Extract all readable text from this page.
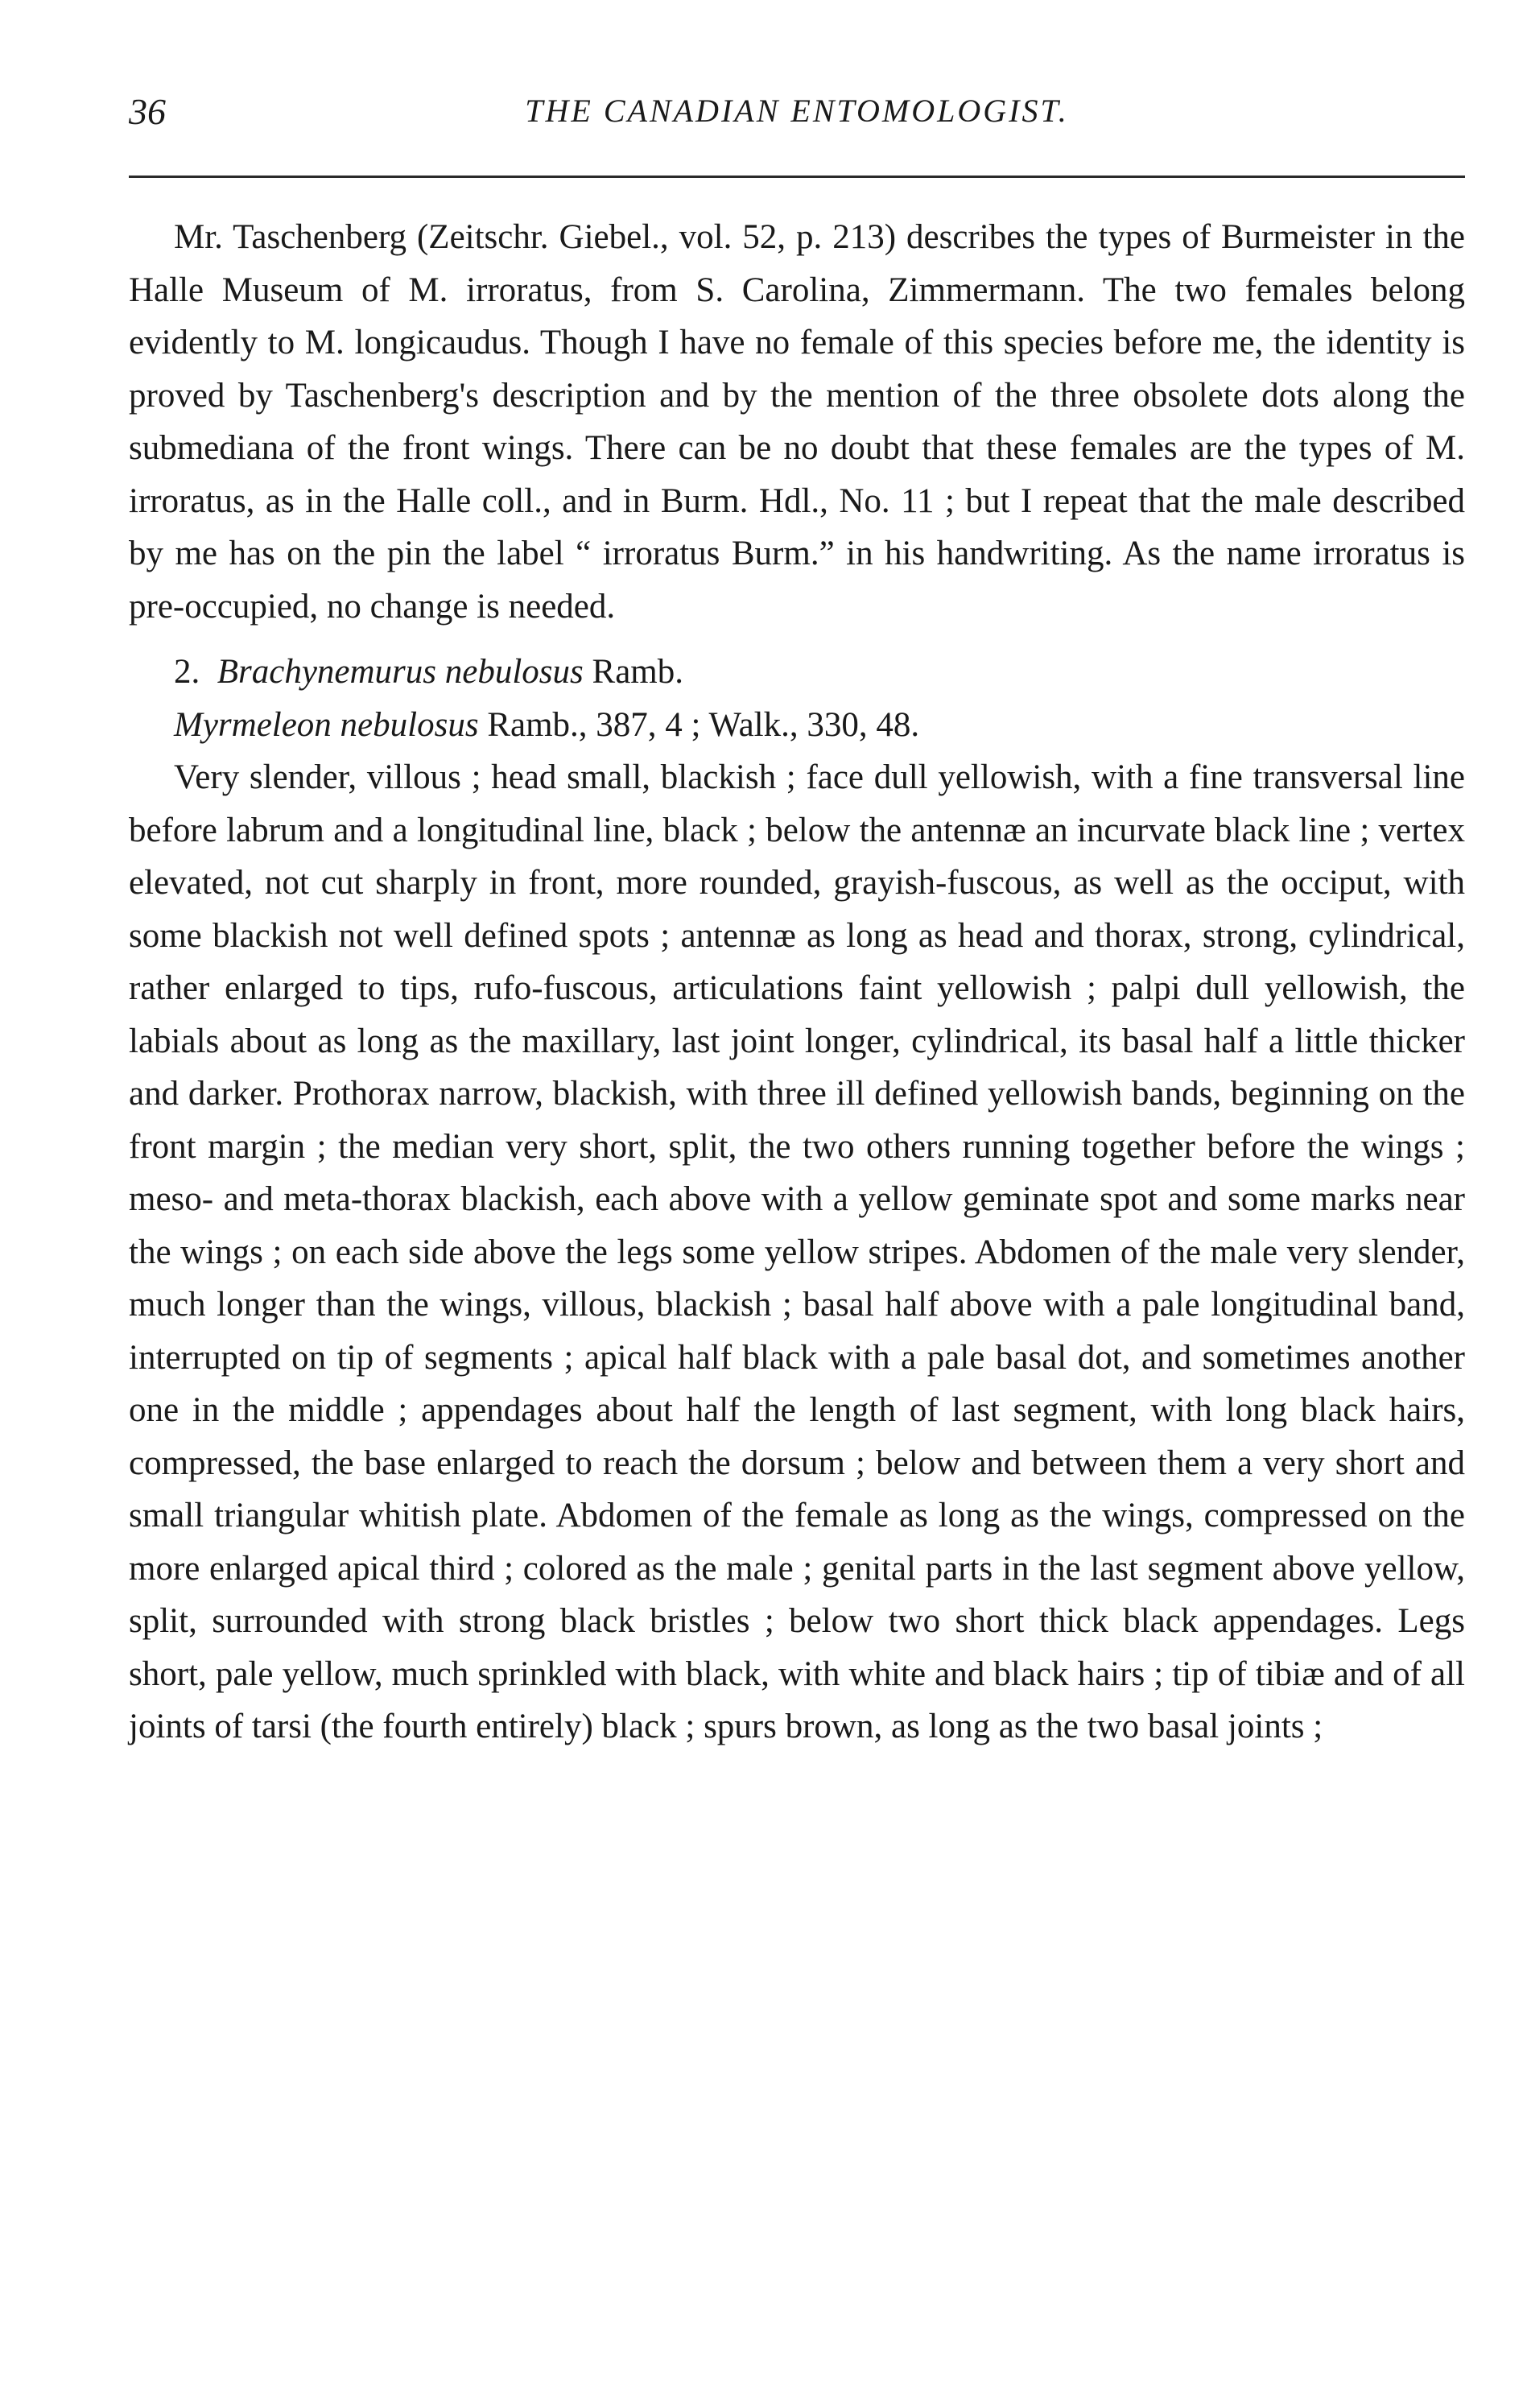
36	THE CANADIAN ENTOMOLOGIST.

Mr. Taschenberg (Zeitschr. Giebel., vol. 52, p. 213) describes the types of Burmeister in the Halle Museum of M. irroratus, from S. Carolina, Zimmermann. The two females belong evidently to M. longicaudus. Though I have no female of this species before me, the identity is proved by Taschenberg's description and by the mention of the three obsolete dots along the submediana of the front wings. There can be no doubt that these females are the types of M. irroratus, as in the Halle coll., and in Burm. Hdl., No. 11 ; but I repeat that the male described by me has on the pin the label “ irroratus Burm.” in his handwriting. As the name irroratus is pre-occupied, no change is needed.

2. Brachynemurus nebulosus Ramb.

Myrmeleon nebulosus Ramb., 387, 4 ; Walk., 330, 48.

Very slender, villous ; head small, blackish ; face dull yellowish, with a fine transversal line before labrum and a longitudinal line, black ; below the antennæ an incurvate black line ; vertex elevated, not cut sharply in front, more rounded, grayish-fuscous, as well as the occiput, with some blackish not well defined spots ; antennæ as long as head and thorax, strong, cylindrical, rather enlarged to tips, rufo-fuscous, articulations faint yellowish ; palpi dull yellowish, the labials about as long as the maxillary, last joint longer, cylindrical, its basal half a little thicker and darker. Prothorax narrow, blackish, with three ill defined yellowish bands, beginning on the front margin ; the median very short, split, the two others running together before the wings ; meso- and meta-thorax blackish, each above with a yellow geminate spot and some marks near the wings ; on each side above the legs some yellow stripes. Abdomen of the male very slender, much longer than the wings, villous, blackish ; basal half above with a pale longitudinal band, interrupted on tip of segments ; apical half black with a pale basal dot, and sometimes another one in the middle ; appendages about half the length of last segment, with long black hairs, compressed, the base enlarged to reach the dorsum ; below and between them a very short and small triangular whitish plate. Abdomen of the female as long as the wings, compressed on the more enlarged apical third ; colored as the male ; genital parts in the last segment above yellow, split, surrounded with strong black bristles ; below two short thick black appendages. Legs short, pale yellow, much sprinkled with black, with white and black hairs ; tip of tibiæ and of all joints of tarsi (the fourth entirely) black ; spurs brown, as long as the two basal joints ;
